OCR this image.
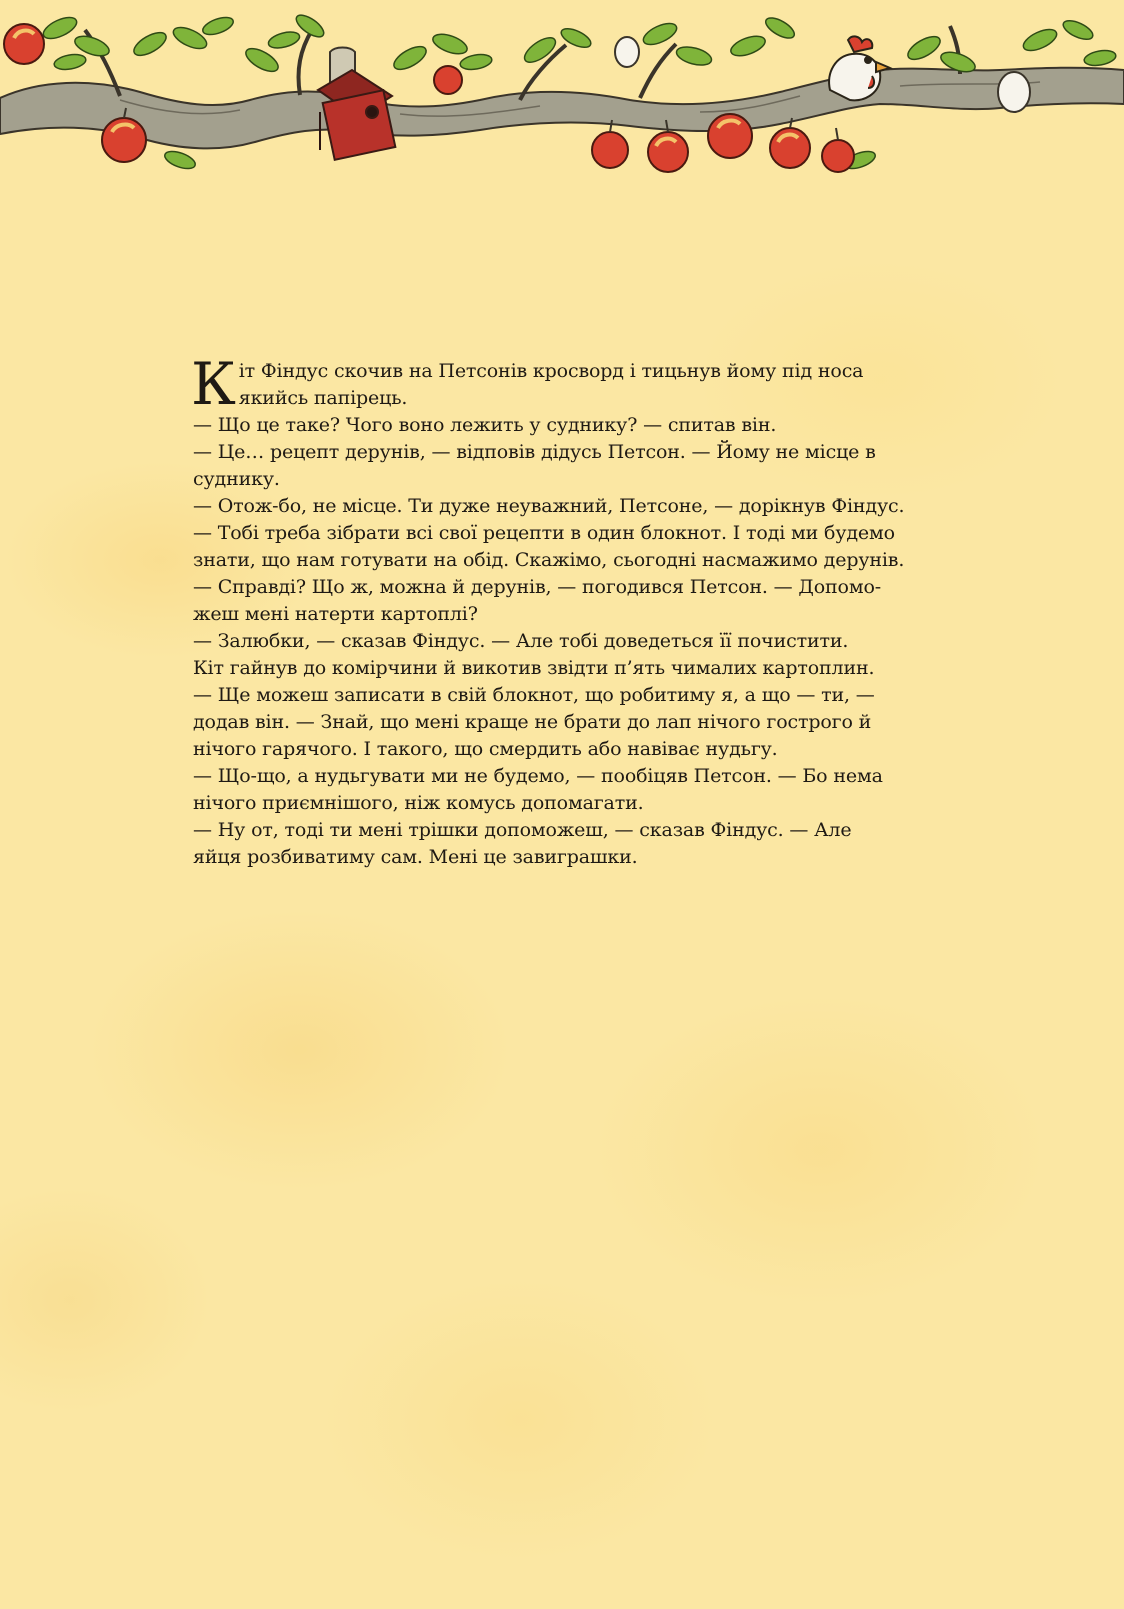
Кіт Фіндус скочив на Петсонів кросворд і тицьнув йому під носа якийсь папірець.

— Що це таке? Чого воно лежить у суднику? — спитав він.

— Це… рецепт дерунів, — відповів дідусь Петсон. — Йому не місце в суднику.

— Отож-бо, не місце. Ти дуже неуважний, Петсоне, — дорікнув Фіндус. — Тобі треба зібрати всі свої рецепти в один блокнот. І тоді ми будемо знати, що нам готувати на обід. Скажімо, сьогодні насмажимо дерунів.

— Справді? Що ж, можна й дерунів, — погодився Петсон. — Допоможеш мені натерти картоплі?

— Залюбки, — сказав Фіндус. — Але тобі доведеться її почистити.

Кіт гайнув до комірчини й викотив звідти п’ять чималих картоплин.

— Ще можеш записати в свій блокнот, що робитиму я, а що — ти, — додав він. — Знай, що мені краще не брати до лап нічого гострого й нічого гарячого. І такого, що смердить або навіває нудьгу.

— Що-що, а нудьгувати ми не будемо, — пообіцяв Петсон. — Бо нема нічого приємнішого, ніж комусь допомагати.

— Ну от, тоді ти мені трішки допоможеш, — сказав Фіндус. — Але яйця розбиватиму сам. Мені це завиграшки.
